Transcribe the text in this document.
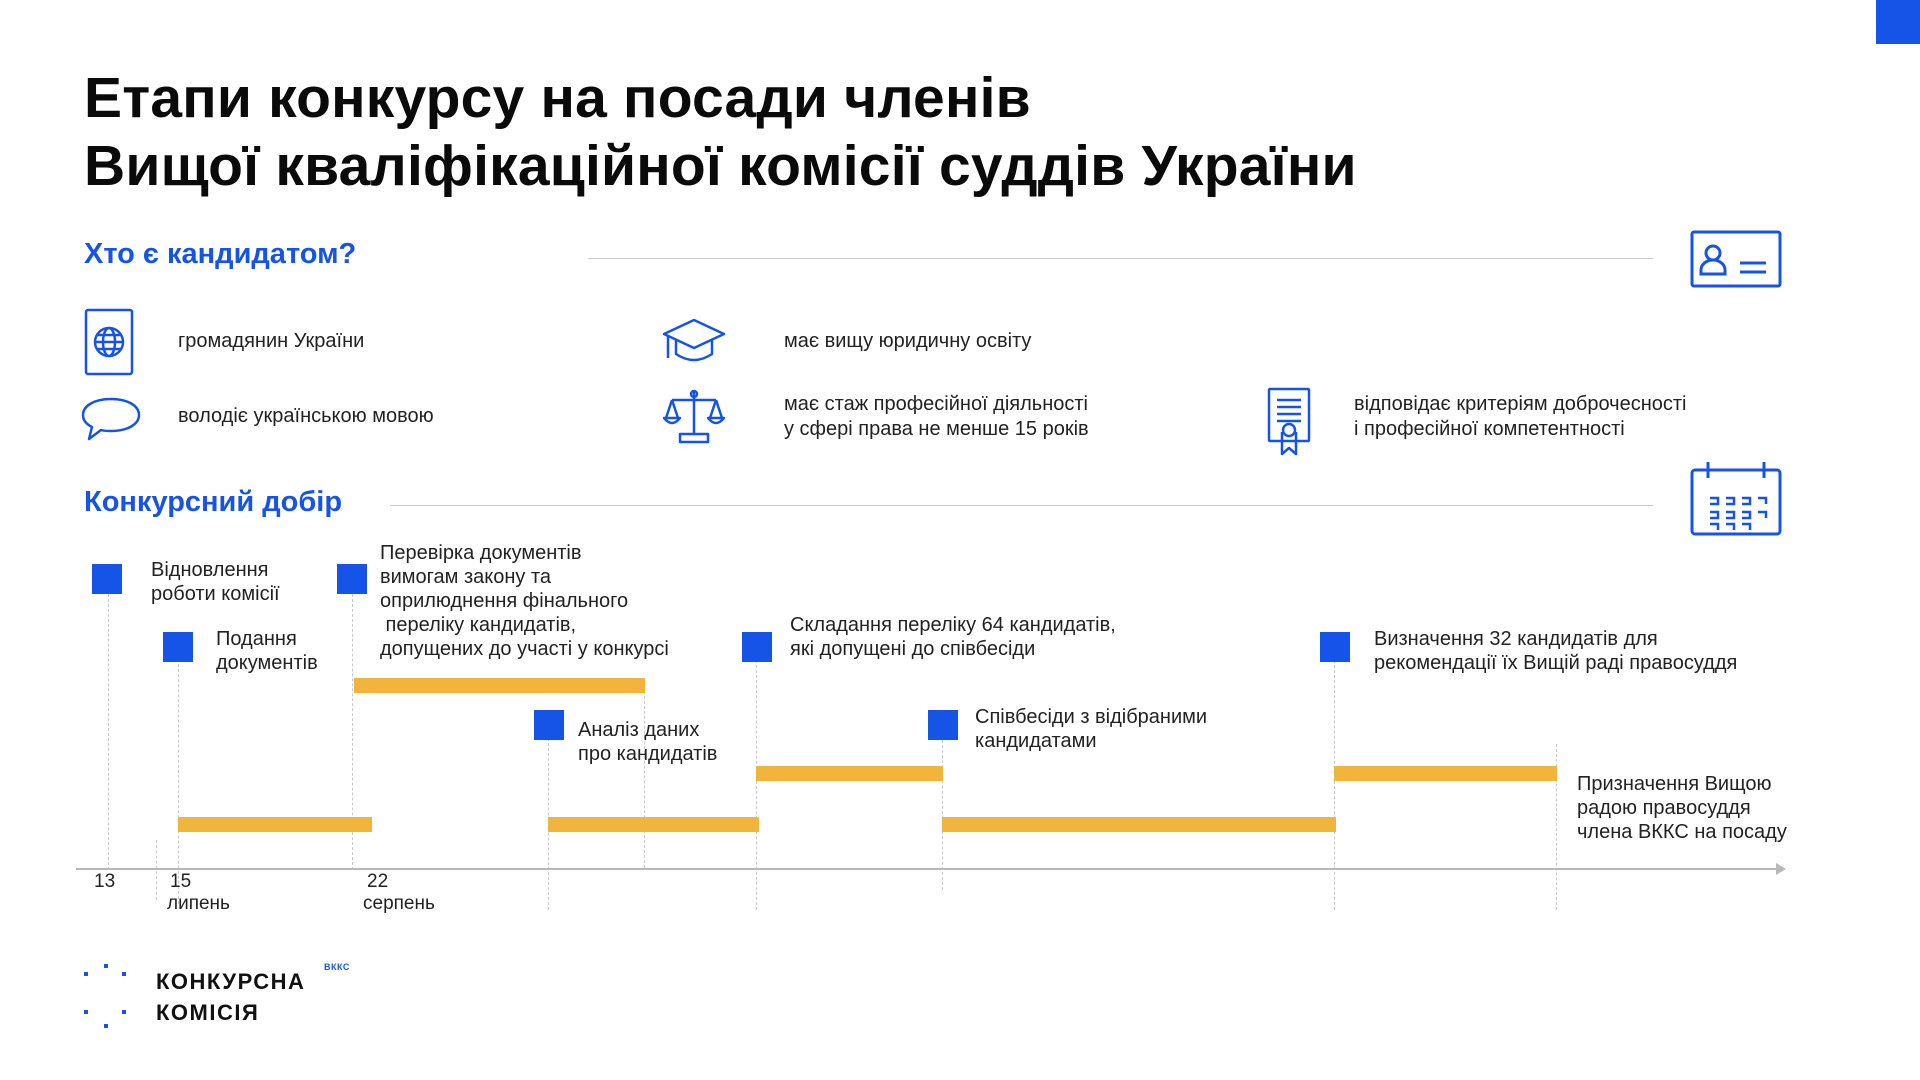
Етапи конкурсу на посади членів
Вищої кваліфікаційної комісії суддів України
Хто є кандидатом?
громадянин України	має вищу юридичну освіту
володіє українською мовою
має стаж професійної діяльності
у сфері права не менше 15 років
відповідає критеріям доброчесності
і професійної компетентності
Конкурсний добір
Відновлення
роботи комісії
Подання
документів
Перевірка документів
вимогам закону та
оприлюднення фінального
переліку кандидатів,
допущених до участі у конкурсі
Аналіз даних
про кандидатів
Складання переліку 64 кандидатів,
які допущені до співбесіди
Співбесіди з відібраними
кандидатами
Визначення 32 кандидатів для
рекомендації їх Вищій раді правосуддя
Призначення Вищою
радою правосуддя
члена ВККС на посаду
13	15
липень
22
серпень
КОНКУРСНА
КОМІСІЯ
ВККС
